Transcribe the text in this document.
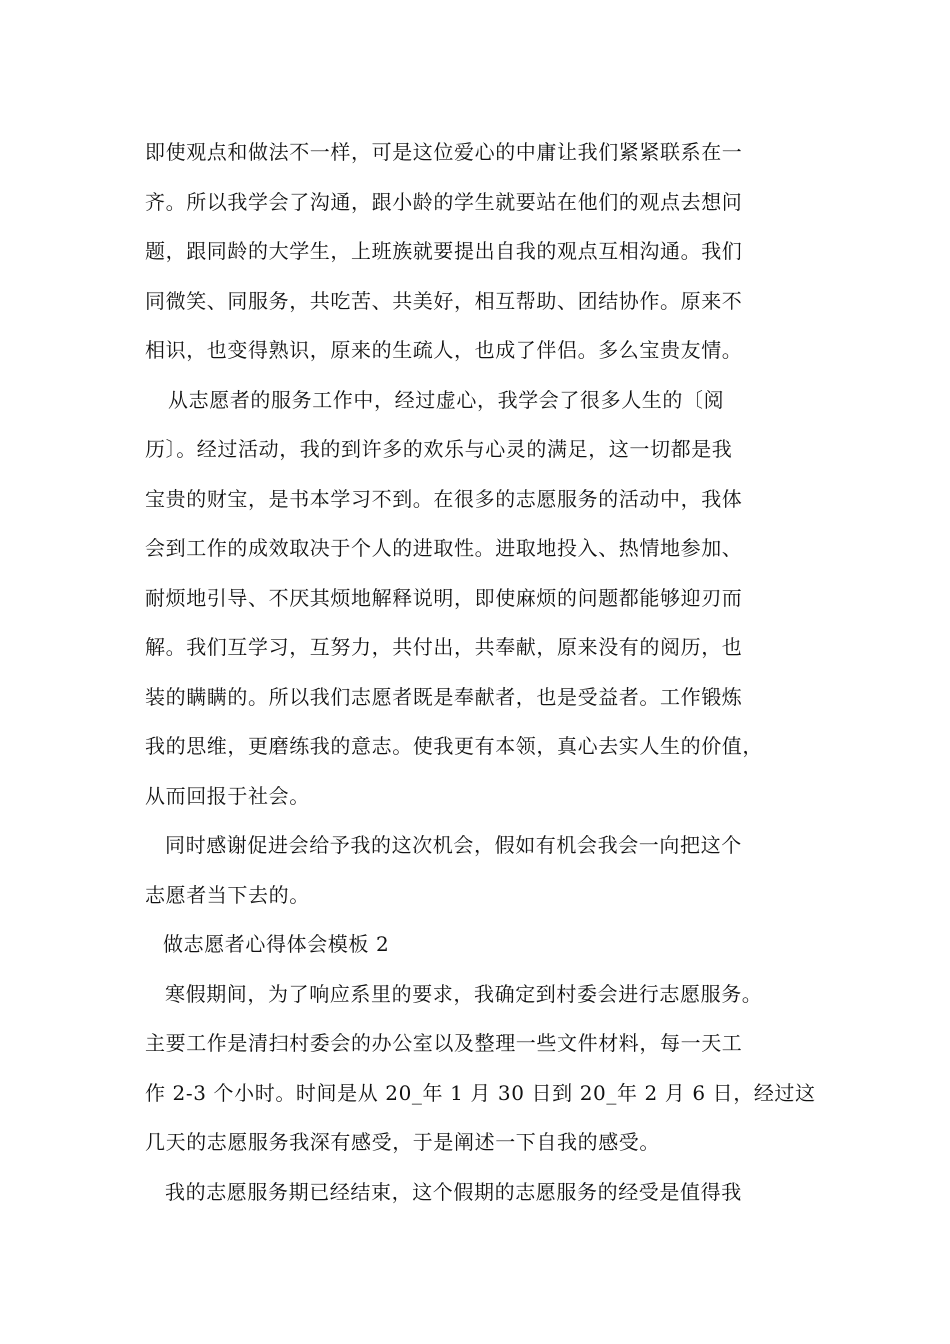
即使观点和做法不一样，可是这位爱心的中庸让我们紧紧联系在一
齐。所以我学会了沟通，跟小龄的学生就要站在他们的观点去想问
题，跟同龄的大学生，上班族就要提出自我的观点互相沟通。我们
同微笑、同服务，共吃苦、共美好，相互帮助、团结协作。原来不
相识，也变得熟识，原来的生疏人，也成了伴侣。多么宝贵友情。
从志愿者的服务工作中，经过虚心，我学会了很多人生的〔阅
历〕。经过活动，我的到许多的欢乐与心灵的满足，这一切都是我
宝贵的财宝，是书本学习不到。在很多的志愿服务的活动中，我体
会到工作的成效取决于个人的进取性。进取地投入、热情地参加、
耐烦地引导、不厌其烦地解释说明，即使麻烦的问题都能够迎刃而
解。我们互学习，互努力，共付出，共奉献，原来没有的阅历，也
装的瞒瞒的。所以我们志愿者既是奉献者，也是受益者。工作锻炼
我的思维，更磨练我的意志。使我更有本领，真心去实人生的价值，
从而回报于社会。
同时感谢促进会给予我的这次机会，假如有机会我会一向把这个
志愿者当下去的。
做志愿者心得体会模板 2
寒假期间，为了响应系里的要求，我确定到村委会进行志愿服务。
主要工作是清扫村委会的办公室以及整理一些文件材料，每一天工
作 2-3 个小时。时间是从 20_年 1 月 30 日到 20_年 2 月 6 日，经过这
几天的志愿服务我深有感受，于是阐述一下自我的感受。
我的志愿服务期已经结束，这个假期的志愿服务的经受是值得我
